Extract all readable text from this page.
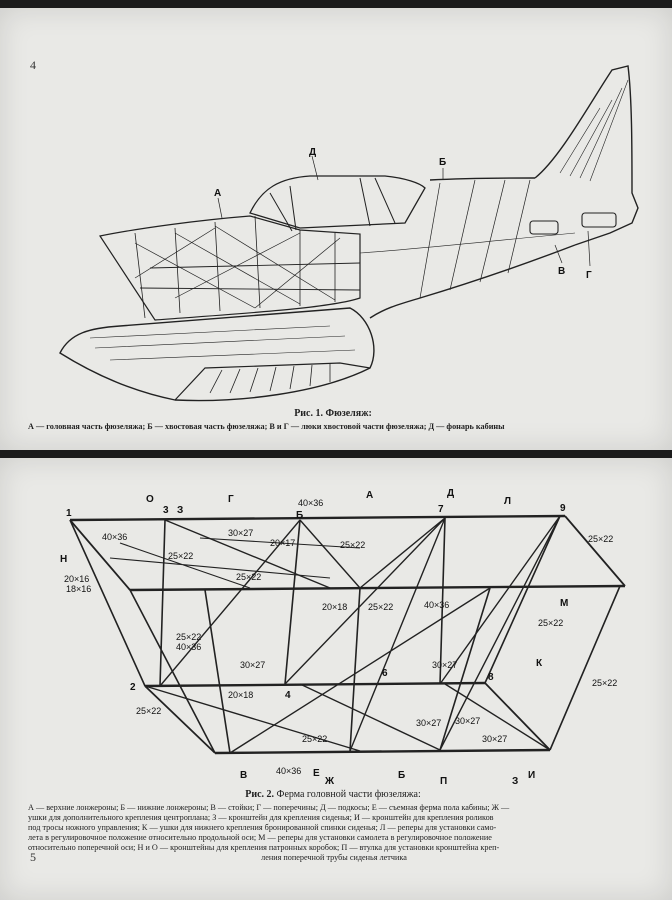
4
А
Д
Б
В Г
Рис. 1. Фюзеляж:
А — головная часть фюзеляжа; Б — хвостовая часть фюзеляжа; В и Г — люки хвостовой части фюзеляжа; Д — фонарь кабины
5
1
2
3
4
6
7
8
9
О
З
Г	А	Д
Л
Б
Н
М
К
В	Е
Ж
Б
П	З
И
40×36
30×27
20×17	25×22
40×36
25×22
20×16
18×16
25×22
20×18 25×22	40×36
25×22
40×36
30×27
25×22
30×27
25×22
20×18
25×22
30×27 30×27
25×22
40×36
30×27
25×22
Рис. 2. Ферма головной части фюзеляжа:
А — верхние лонжероны; Б — нижние лонжероны; В — стойки; Г — поперечины; Д — подкосы; Е — съемная ферма пола кабины; Ж —
ушки для дополнительного крепления центроплана; З — кронштейн для крепления сиденья; И — кронштейн для крепления роликов
под тросы ножного управления; К — ушки для нижнего крепления бронированной спинки сиденья; Л — реперы для установки само-
лета в регулировочное положение относительно продольной оси; М — реперы для установки самолета в регулировочное положение
относительно поперечной оси; Н и О — кронштейны для крепления патронных коробок; П — втулка для установки кронштейна креп-
ления поперечной трубы сиденья летчика
